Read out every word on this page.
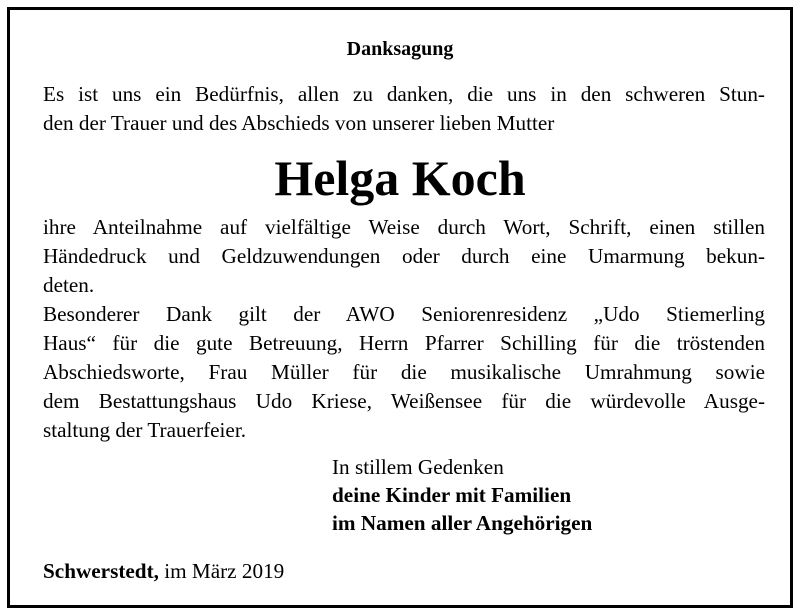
Danksagung
Es ist uns ein Bedürfnis, allen zu danken, die uns in den schweren Stun-
den der Trauer und des Abschieds von unserer lieben Mutter
Helga Koch
ihre Anteilnahme auf vielfältige Weise durch Wort, Schrift, einen stillen
Händedruck und Geldzuwendungen oder durch eine Umarmung bekun-
deten.
Besonderer Dank gilt der AWO Seniorenresidenz „Udo Stiemerling
Haus“ für die gute Betreuung, Herrn Pfarrer Schilling für die tröstenden
Abschiedsworte, Frau Müller für die musikalische Umrahmung sowie
dem Bestattungshaus Udo Kriese, Weißensee für die würdevolle Ausge-
staltung der Trauerfeier.
In stillem Gedenken
deine Kinder mit Familien
im Namen aller Angehörigen
Schwerstedt, im März 2019
